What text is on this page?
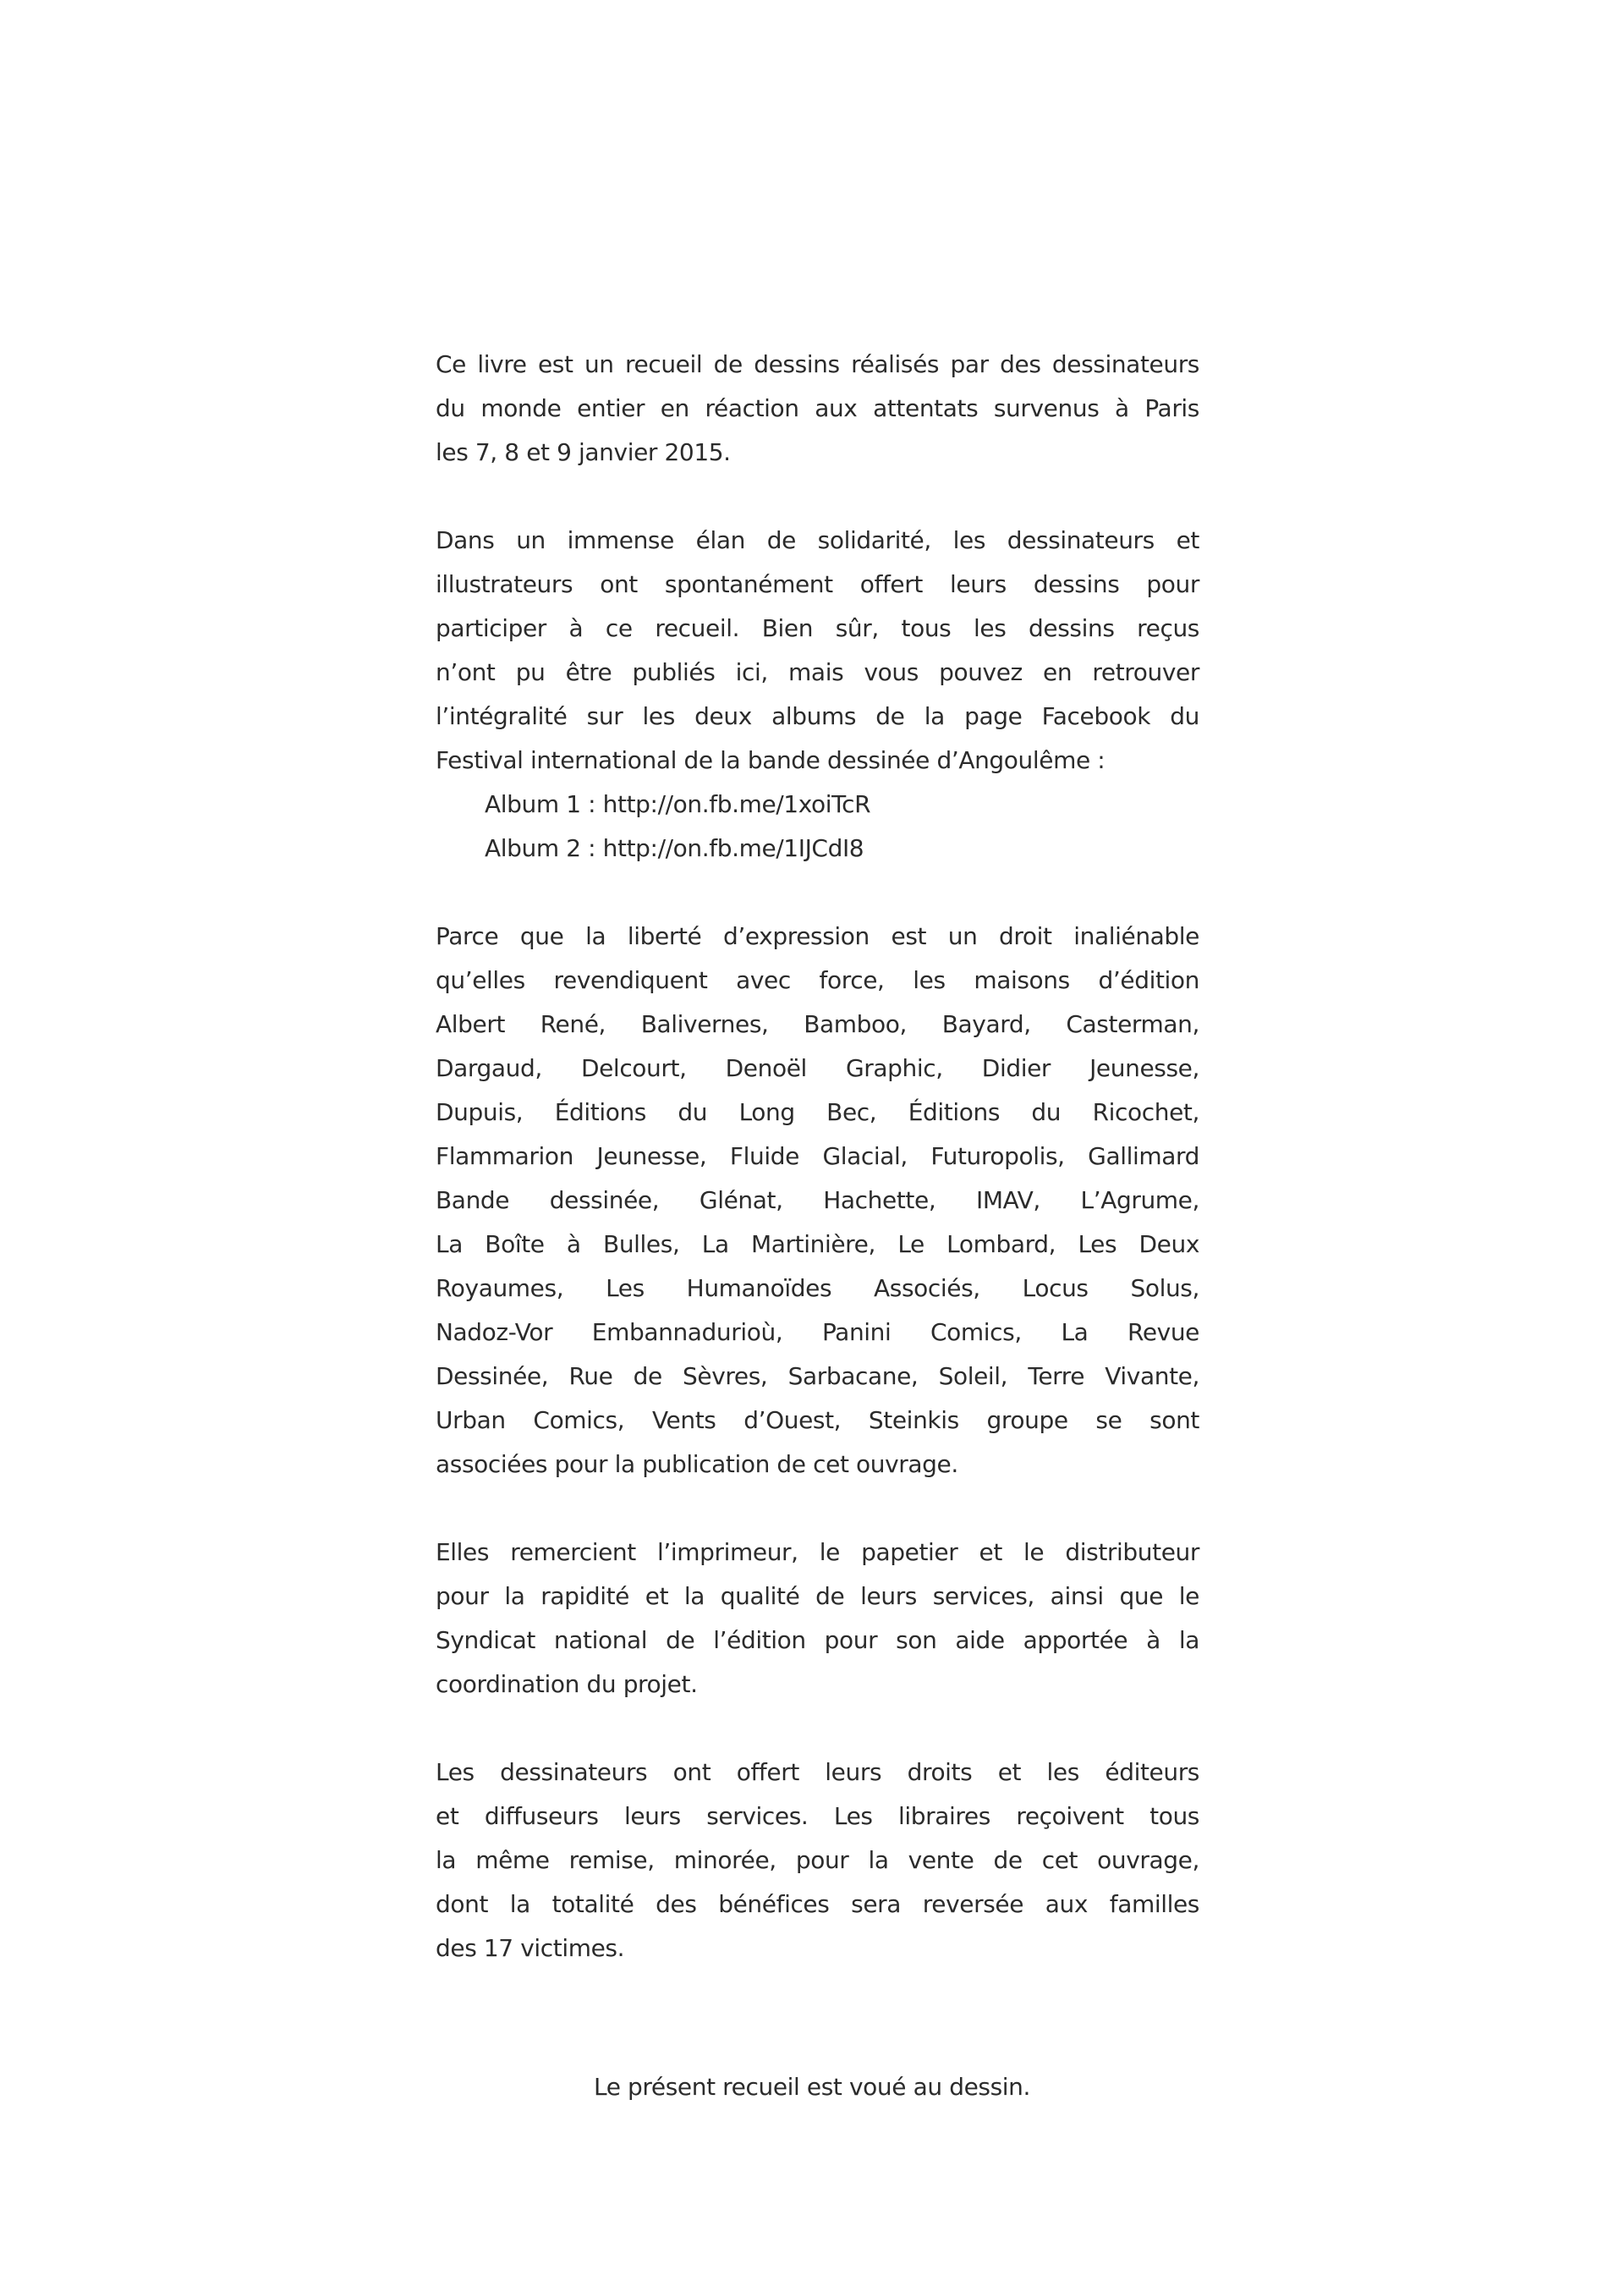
Ce livre est un recueil de dessins réalisés par des dessinateurs
du monde entier en réaction aux attentats survenus à Paris
les 7, 8 et 9 janvier 2015.
Dans un immense élan de solidarité, les dessinateurs et
illustrateurs ont spontanément offert leurs dessins pour
participer à ce recueil. Bien sûr, tous les dessins reçus
n’ont pu être publiés ici, mais vous pouvez en retrouver
l’intégralité sur les deux albums de la page Facebook du
Festival international de la bande dessinée d’Angoulême :
Album 1 : http://on.fb.me/1xoiTcR
Album 2 : http://on.fb.me/1IJCdI8
Parce que la liberté d’expression est un droit inaliénable
qu’elles revendiquent avec force, les maisons d’édition
Albert René, Balivernes, Bamboo, Bayard, Casterman,
Dargaud, Delcourt, Denoël Graphic, Didier Jeunesse,
Dupuis, Éditions du Long Bec, Éditions du Ricochet,
Flammarion Jeunesse, Fluide Glacial, Futuropolis, Gallimard
Bande dessinée, Glénat, Hachette, IMAV, L’Agrume,
La Boîte à Bulles, La Martinière, Le Lombard, Les Deux
Royaumes, Les Humanoïdes Associés, Locus Solus,
Nadoz-Vor Embannadurioù, Panini Comics, La Revue
Dessinée, Rue de Sèvres, Sarbacane, Soleil, Terre Vivante,
Urban Comics, Vents d’Ouest, Steinkis groupe se sont
associées pour la publication de cet ouvrage.
Elles remercient l’imprimeur, le papetier et le distributeur
pour la rapidité et la qualité de leurs services, ainsi que le
Syndicat national de l’édition pour son aide apportée à la
coordination du projet.
Les dessinateurs ont offert leurs droits et les éditeurs
et diffuseurs leurs services. Les libraires reçoivent tous
la même remise, minorée, pour la vente de cet ouvrage,
dont la totalité des bénéfices sera reversée aux familles
des 17 victimes.
Le présent recueil est voué au dessin.
